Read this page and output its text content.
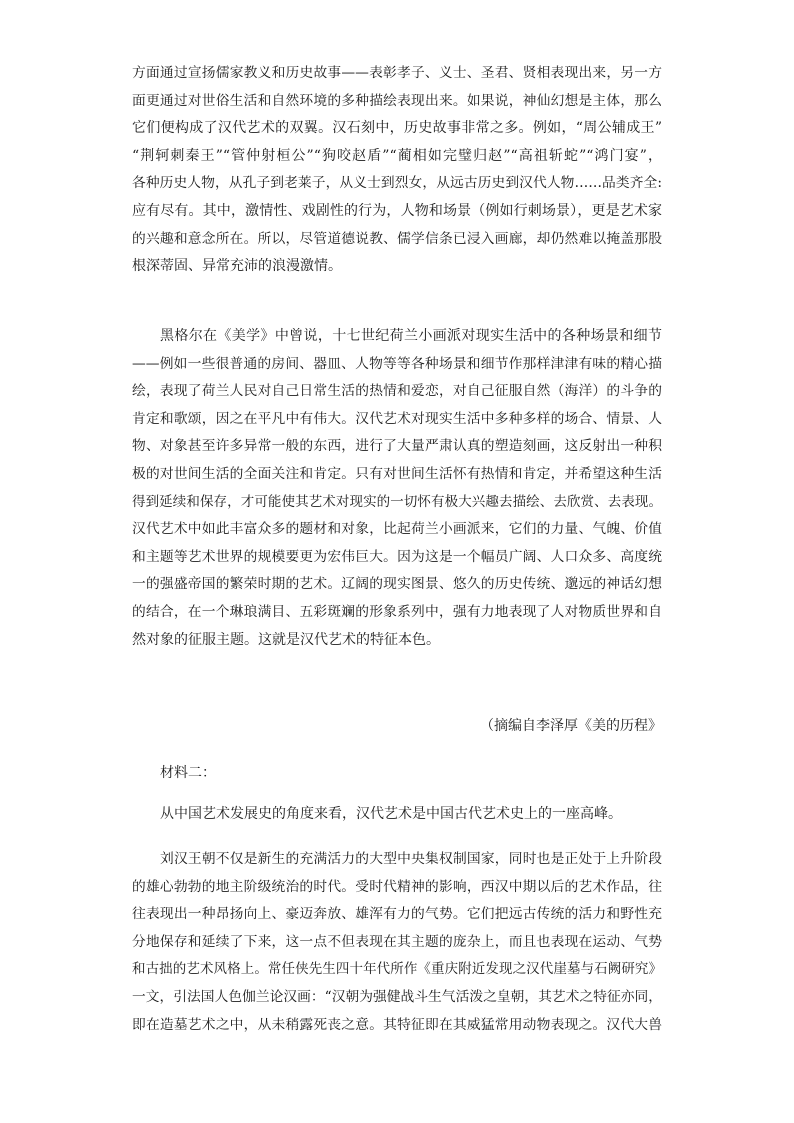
方面通过宣扬儒家教义和历史故事——表彰孝子、义士、圣君、贤相表现出来，另一方
面更通过对世俗生活和自然环境的多种描绘表现出来。如果说，神仙幻想是主体，那么
它们便构成了汉代艺术的双翼。汉石刻中，历史故事非常之多。例如，“周公辅成王”
“荆轲刺秦王”“管仲射桓公”“狗咬赵盾”“蔺相如完璧归赵”“高祖斩蛇”“鸿门宴”，
各种历史人物，从孔子到老莱子，从义士到烈女，从远古历史到汉代人物……品类齐全:
应有尽有。其中，激情性、戏剧性的行为，人物和场景（例如行刺场景），更是艺术家
的兴趣和意念所在。所以，尽管道德说教、儒学信条已浸入画廊，却仍然难以掩盖那股
根深蒂固、异常充沛的浪漫激情。
黑格尔在《美学》中曾说，十七世纪荷兰小画派对现实生活中的各种场景和细节
——例如一些很普通的房间、器皿、人物等等各种场景和细节作那样津津有味的精心描
绘，表现了荷兰人民对自己日常生活的热情和爱恋，对自己征服自然（海洋）的斗争的
肯定和歌颂，因之在平凡中有伟大。汉代艺术对现实生活中多种多样的场合、情景、人
物、对象甚至许多异常一般的东西，进行了大量严肃认真的塑造刻画，这反射出一种积
极的对世间生活的全面关注和肯定。只有对世间生活怀有热情和肯定，并希望这种生活
得到延续和保存，才可能使其艺术对现实的一切怀有极大兴趣去描绘、去欣赏、去表现。
汉代艺术中如此丰富众多的题材和对象，比起荷兰小画派来，它们的力量、气魄、价值
和主题等艺术世界的规模要更为宏伟巨大。因为这是一个幅员广阔、人口众多、高度统
一的强盛帝国的繁荣时期的艺术。辽阔的现实图景、悠久的历史传统、邈远的神话幻想
的结合，在一个琳琅满目、五彩斑斓的形象系列中，强有力地表现了人对物质世界和自
然对象的征服主题。这就是汉代艺术的特征本色。
（摘编自李泽厚《美的历程》
材料二：
从中国艺术发展史的角度来看，汉代艺术是中国古代艺术史上的一座高峰。
刘汉王朝不仅是新生的充满活力的大型中央集权制国家，同时也是正处于上升阶段
的雄心勃勃的地主阶级统治的时代。受时代精神的影响，西汉中期以后的艺术作品，往
往表现出一种昂扬向上、豪迈奔放、雄浑有力的气势。它们把远古传统的活力和野性充
分地保存和延续了下来，这一点不但表现在其主题的庞杂上，而且也表现在运动、气势
和古拙的艺术风格上。常任侠先生四十年代所作《重庆附近发现之汉代崖墓与石阙研究》
一文，引法国人色伽兰论汉画：“汉朝为强健战斗生气活泼之皇朝，其艺术之特征亦同，
即在造墓艺术之中，从未稍露死丧之意。其特征即在其威猛常用动物表现之。汉代大兽
